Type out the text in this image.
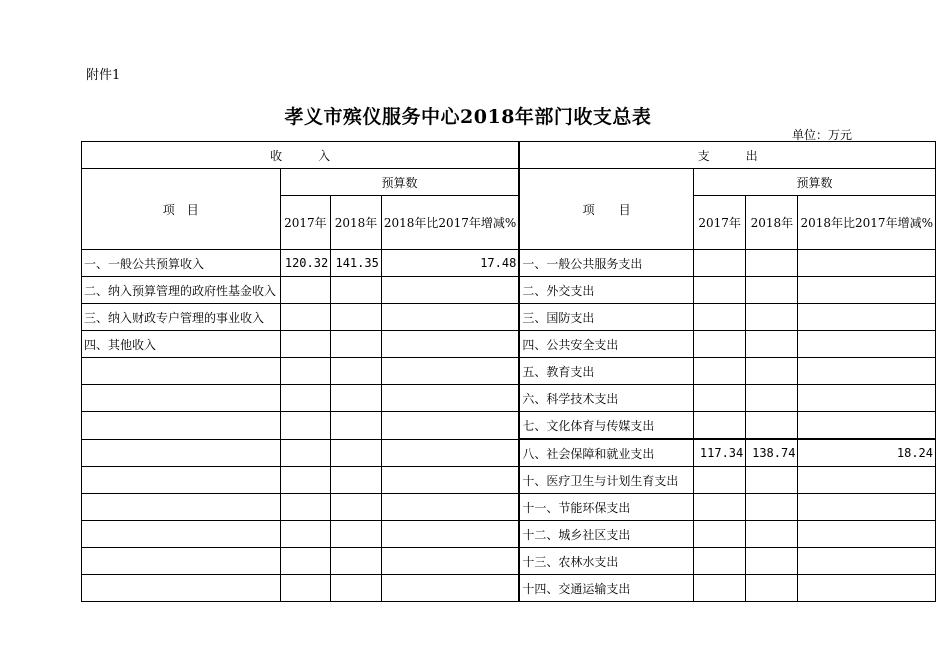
附件1
孝义市殡仪服务中心2018年部门收支总表
单位：万元
收　　　入				支　　　出			
项　目	预算数			项　　目	预算数		
	2017年	2018年	2018年比2017年增减%		2017年	2018年	2018年比2017年增减%
一、一般公共预算收入	120.32	141.35	17.48	一、一般公共服务支出			
二、纳入预算管理的政府性基金收入				二、外交支出			
三、纳入财政专户管理的事业收入				三、国防支出			
四、其他收入				四、公共安全支出			
				五、教育支出			
				六、科学技术支出			
				七、文化体育与传媒支出			
				八、社会保障和就业支出	117.34	138.74	18.24
				十、医疗卫生与计划生育支出			
				十一、节能环保支出			
				十二、城乡社区支出			
				十三、农林水支出			
				十四、交通运输支出			
